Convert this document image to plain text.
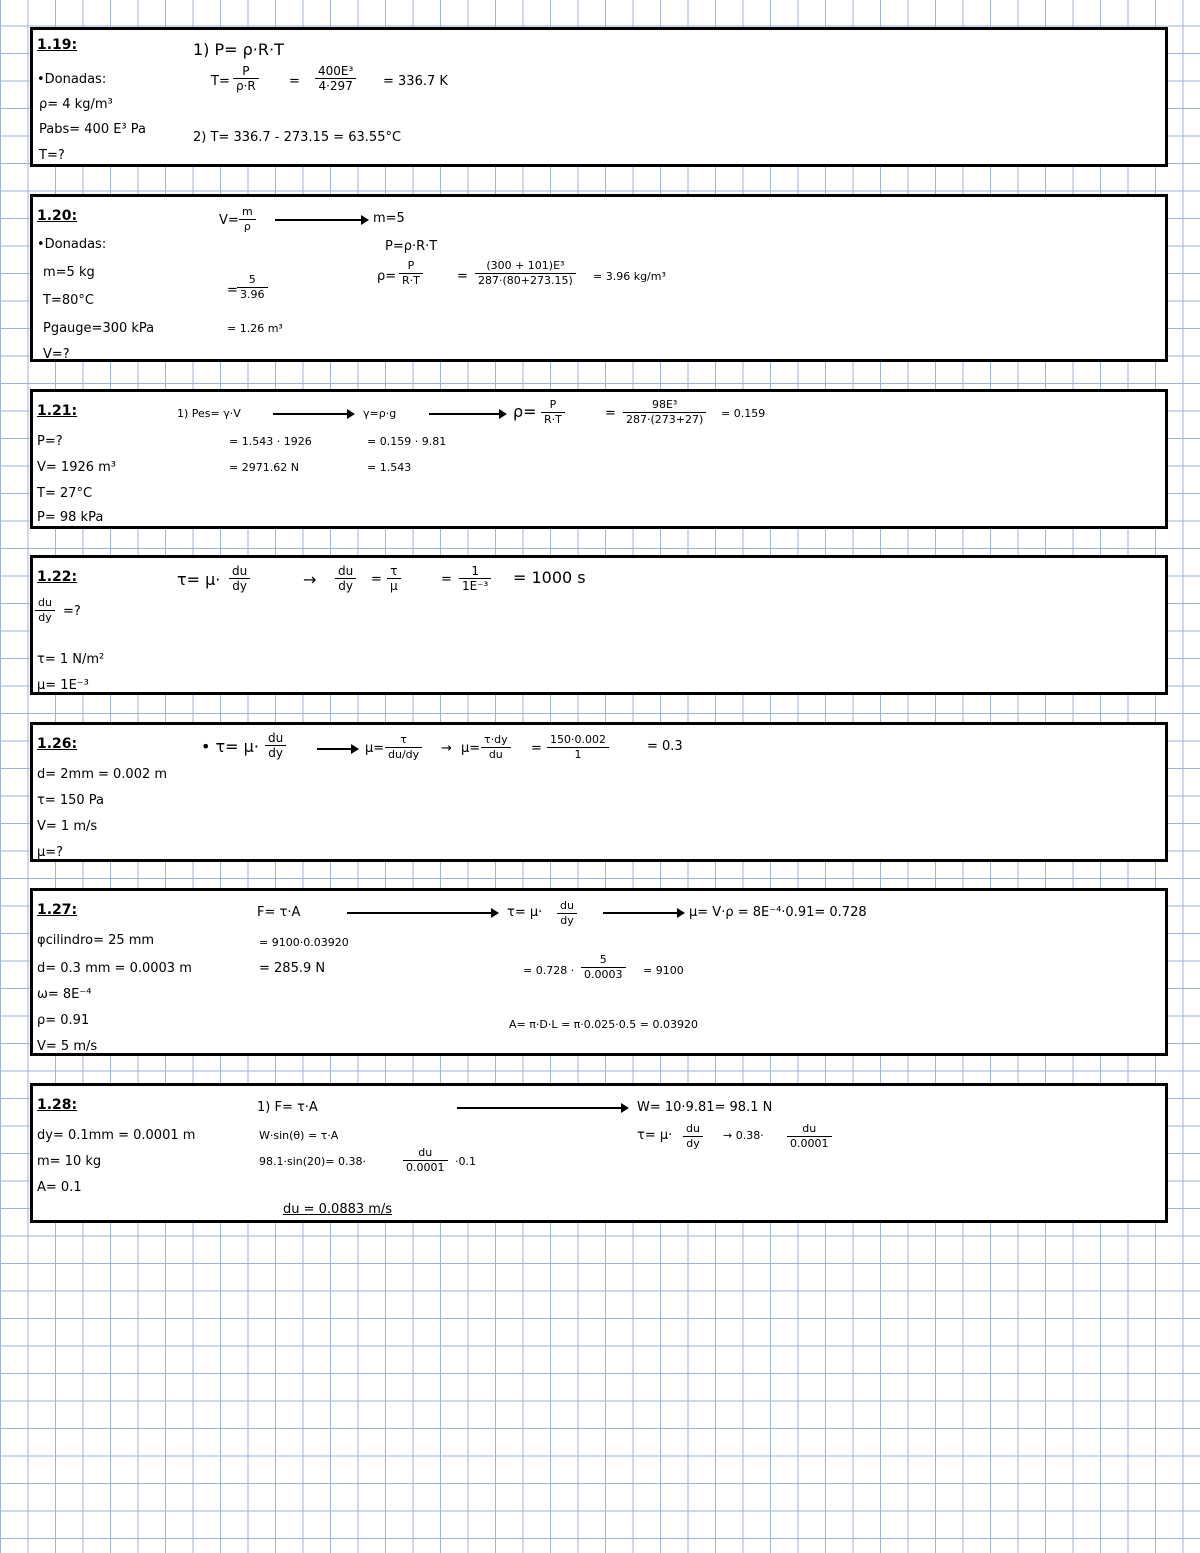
1.19:
•Donadas:
ρ= 4 kg/m³
Pabs= 400 E³ Pa
T=?
1) P= ρ·R·T
$T= \frac{P}{\rho\cdot R} = \frac{\text{400E³}}{4\cdot 297} = 336.7$ K
2) T= 336.7 - 273.15 = 63.55°C
1.20:
•Donadas:
m=5 kg
T=80°C
Pgauge=300 kPa
V=?
$V= \frac{m}{\rho}$	m=5
P=ρ·R·T
$\rho= \frac{P}{R\cdot T}$	= $\frac{\text{(300 + 101)E³}}{287\cdot(80+273.15)} = 3.96$ kg/m³
= $\frac{5}{3.96}$
= 1.26 m³
1.21:
P=?
V= 1926 m³
T= 27°C
P= 98 kPa
1) Pes= γ·V	γ=ρ·g	$\rho= \frac{P}{R\cdot T}$	= $\frac{\text{98E³}}{287\cdot(273+27)} = 0.159$
= 1.543 · 1926	= 0.159 · 9.81
= 2971.62 N	= 1.543
1.22:
$\frac{du}{dy}$ =?
τ= 1 N/m²
μ= 1E⁻³
$\tau= \mu\cdot \frac{du}{dy}$	→ $\frac{du}{dy} = \frac{\tau}{\mu}$	= $\frac{1}{\text{1E⁻³}} = 1000$ s
1.26:
d= 2mm = 0.002 m
τ= 150 Pa
V= 1 m/s
μ=?
• $\tau= \mu\cdot \frac{du}{dy}$	$\mu= \frac{\tau}{du/dy} \to \mu= \frac{\tau\cdot dy}{du} = \frac{150\cdot 0.002}{1}$	= 0.3
1.27:
φcilindro= 25 mm
d= 0.3 mm = 0.0003 m
ω= 8E⁻⁴
ρ= 0.91
V= 5 m/s
F= τ·A	$\tau= \mu\cdot \frac{du}{dy}$	μ= V·ρ = 8E⁻⁴·0.91= 0.728
= 9100·0.03920
= 285.9 N	= $0.728 \cdot \frac{5}{0.0003} = 9100$
A= π·D·L = π·0.025·0.5 = 0.03920
1.28:
dy= 0.1mm = 0.0001 m
m= 10 kg
A= 0.1
1) F= τ·A	W= 10·9.81= 98.1 N
W·sin(θ) = τ·A	$\tau= \mu\cdot \frac{du}{dy} \to 0.38\cdot \frac{du}{0.0001}$
98.1·sin(20)= 0.38·	$\frac{du}{0.0001} \cdot 0.1$
du = 0.0883 m/s
